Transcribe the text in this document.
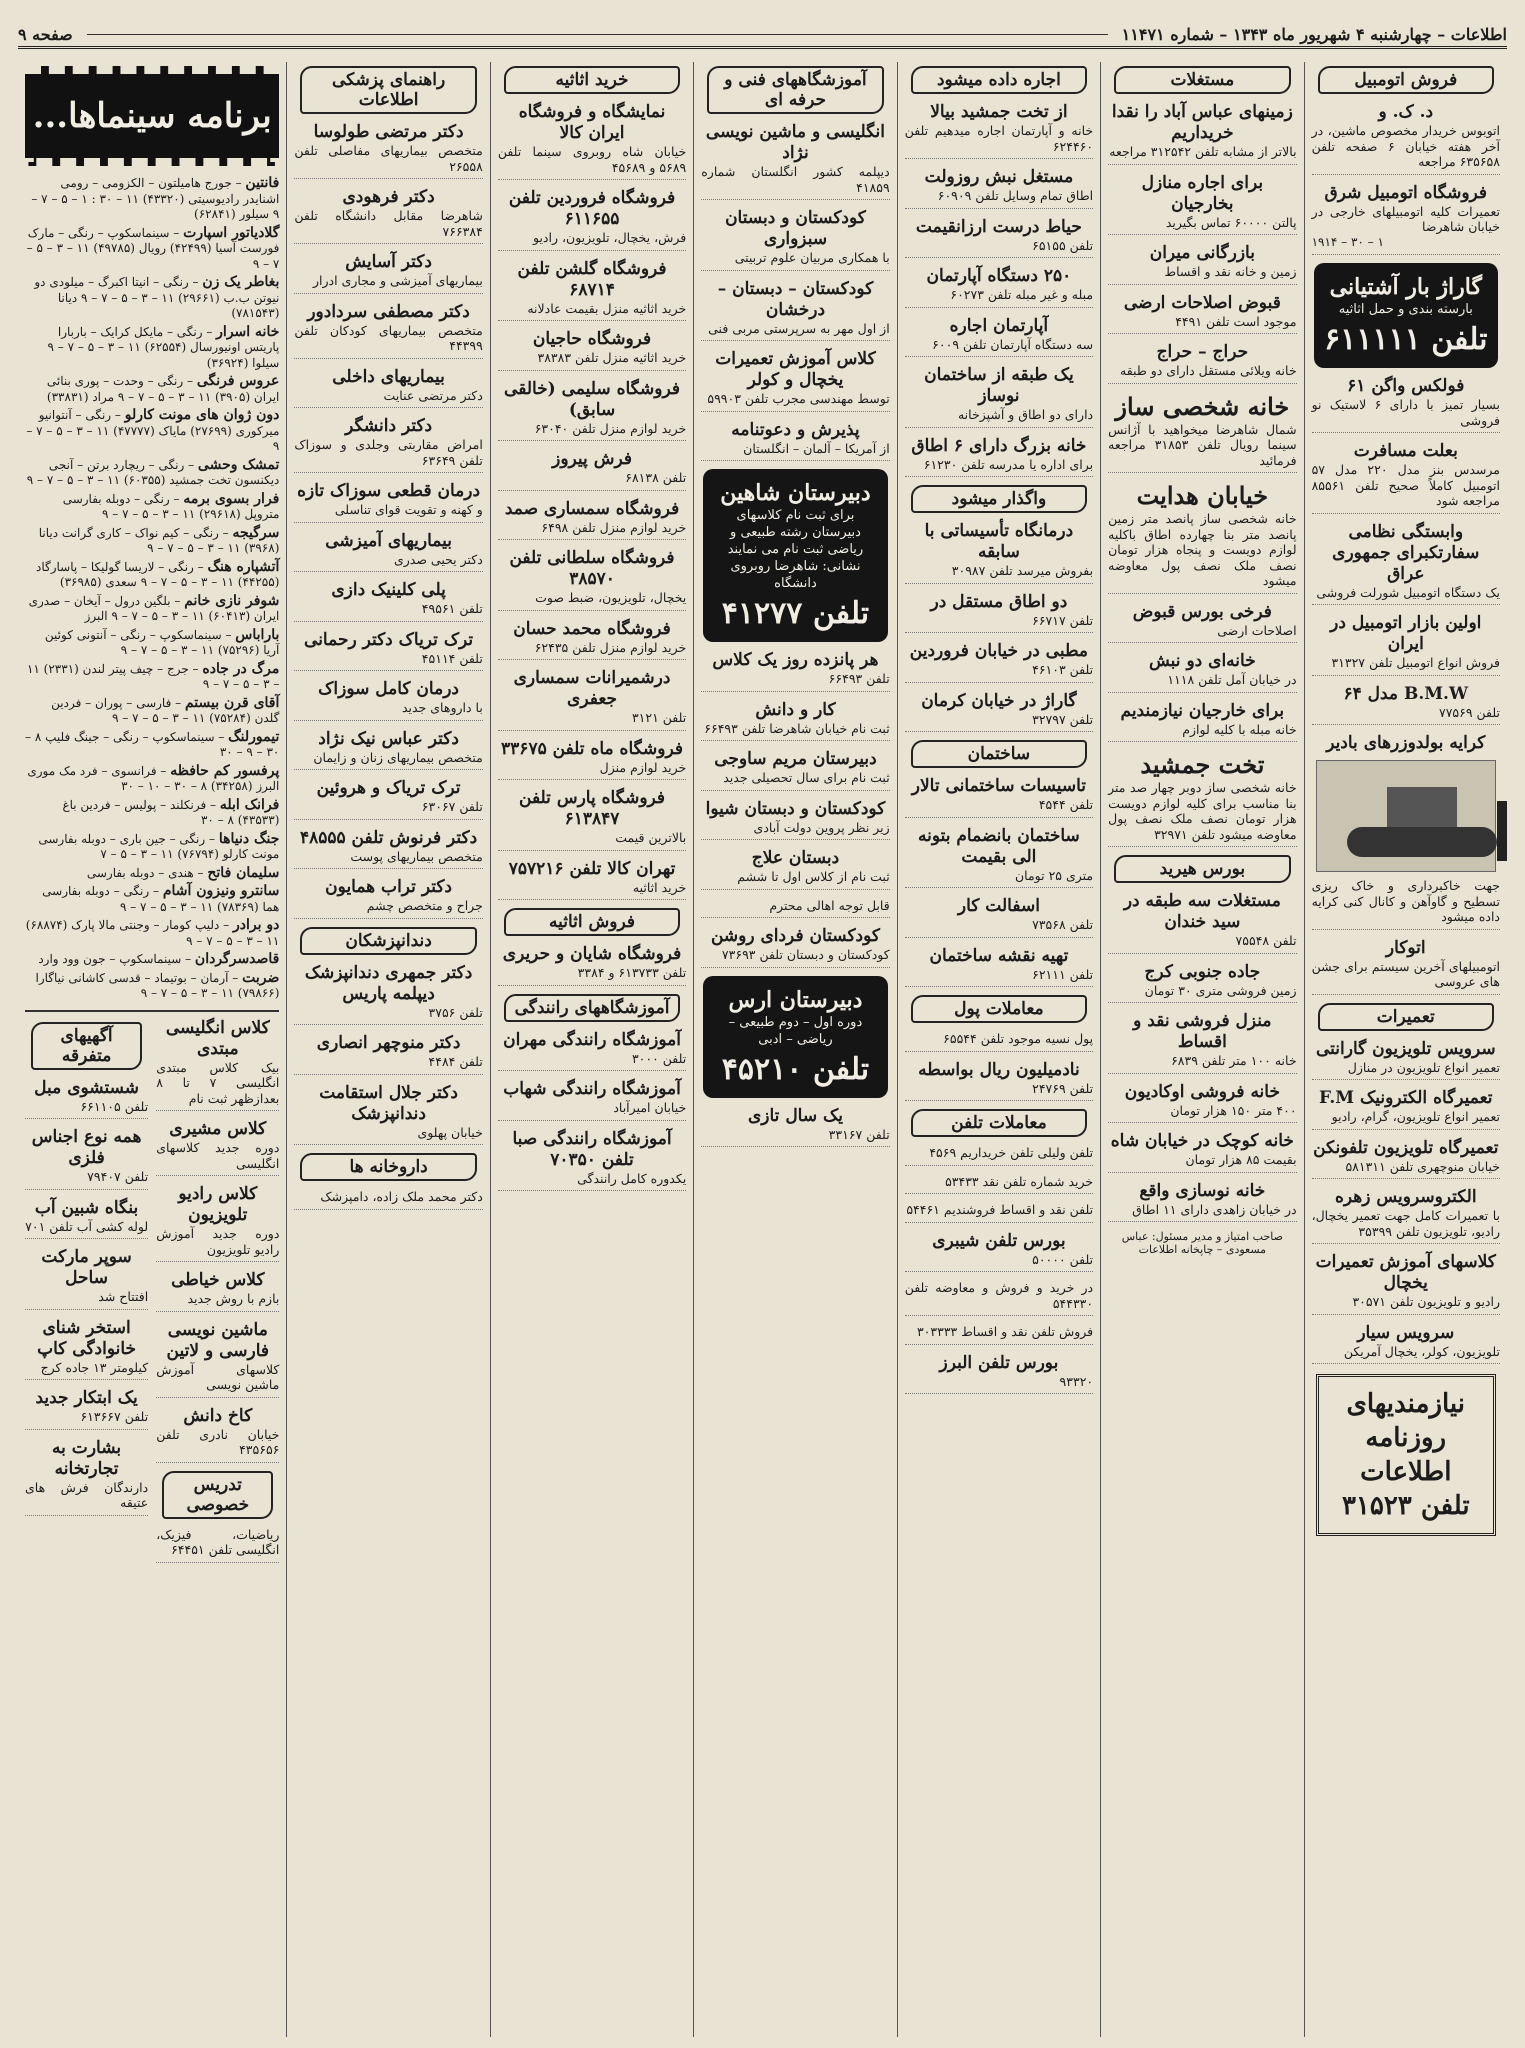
اطلاعات – چهارشنبه ۴ شهریور ماه ۱۳۴۳ – شماره ۱۱۴۷۱
صفحه ۹
فروش اتومبیل
د. ک. و
اتوبوس خریدار مخصوص ماشین، در آخر هفته خیابان ۶ صفحه تلفن ۶۳۵۶۵۸ مراجعه
فروشگاه اتومبیل شرق
تعمیرات کلیه اتومبیلهای خارجی در خیابان شاهرضا
۱۹۱۴ – ۳۰ – ۱
گاراژ بار آشتیانی
بارسته بندی و حمل اثاثیه
تلفن ۶۱۱۱۱۱
فولکس واگن ۶۱
بسیار تمیز با دارای ۶ لاستیک نو فروشی
بعلت مسافرت
مرسدس بنز مدل ۲۲۰ مدل ۵۷ اتومبیل کاملاً صحیح تلفن ۸۵۵۶۱ مراجعه شود
وابستگی نظامی سفارتکبرای جمهوری عراق
یک دستگاه اتومبیل شورلت فروشی
اولین بازار اتومبیل در ایران
فروش انواع اتومبیل تلفن ۳۱۳۲۷
B.M.W مدل ۶۴
تلفن ۷۷۵۶۹
کرایه بولدوزرهای بادیر
جهت خاکبرداری و خاک ریزی تسطیح و گاوآهن و کانال کنی کرایه داده میشود
اتوکار
اتومبیلهای آخرین سیستم برای جشن های عروسی
تعمیرات
سرویس تلویزیون گارانتی
تعمیر انواع تلویزیون در منازل
تعمیرگاه الکترونیک F.M
تعمیر انواع تلویزیون، گرام، رادیو
تعمیرگاه تلویزیون تلفونکن
خیابان منوچهری تلفن ۵۸۱۳۱۱
الکتروسرویس زهره
با تعمیرات کامل جهت تعمیر یخچال، رادیو، تلویزیون تلفن ۳۵۳۹۹
کلاسهای آموزش تعمیرات یخچال
رادیو و تلویزیون تلفن ۳۰۵۷۱
سرویس سیار
تلویزیون، کولر، یخچال آمریکن
نیازمندیهای
روزنامه اطلاعات
تلفن ۳۱۵۲۳
مستغلات
زمینهای عباس آباد را نقدا خریداریم
بالاتر از مشابه تلفن ۳۱۲۵۴۲ مراجعه
برای اجاره منازل بخارجیان
پالتن ۶۰۰۰۰ تماس بگیرید
بازرگانی میران
زمین و خانه نقد و اقساط
قبوض اصلاحات ارضی
موجود است تلفن ۴۴۹۱
حراج – حراج
خانه ویلائی مستقل دارای دو طبقه
خانه شخصی ساز
شمال شاهرضا میخواهید با آژانس سینما رویال تلفن ۳۱۸۵۳ مراجعه فرمائید
خیابان هدایت
خانه شخصی ساز پانصد متر زمین پانصد متر بنا چهارده اطاق باکلیه لوازم دویست و پنجاه هزار تومان نصف ملک نصف پول معاوضه میشود
فرخی بورس قبوض
اصلاحات ارضی
خانه‌ای دو نبش
در خیابان آمل تلفن ۱۱۱۸
برای خارجیان نیازمندیم
خانه مبله با کلیه لوازم
تخت جمشید
خانه شخصی ساز دوبر چهار صد متر بنا مناسب برای کلیه لوازم دویست هزار تومان نصف ملک نصف پول معاوضه میشود تلفن ۳۲۹۷۱
بورس هیرید
مستغلات سه طبقه در سید خندان
تلفن ۷۵۵۴۸
جاده جنوبی کرج
زمین فروشی متری ۳۰ تومان
منزل فروشی نقد و اقساط
خانه ۱۰۰ متر تلفن ۶۸۳۹
خانه فروشی اوکادیون
۴۰۰ متر ۱۵۰ هزار تومان
خانه کوچک در خیابان شاه
بقیمت ۸۵ هزار تومان
خانه نوسازی واقع
در خیابان زاهدی دارای ۱۱ اطاق
صاحب امتیاز و مدیر مسئول: عباس مسعودی – چاپخانه اطلاعات
اجاره داده میشود
از تخت جمشید بیالا
خانه و آپارتمان اجاره میدهیم تلفن ۶۲۴۴۶۰
مستغل نبش روزولت
اطاق تمام وسایل تلفن ۶۰۹۰۹
حیاط درست ارزانقیمت
تلفن ۶۵۱۵۵
۲۵۰ دستگاه آپارتمان
مبله و غیر مبله تلفن ۶۰۲۷۳
آپارتمان اجاره
سه دستگاه آپارتمان تلفن ۶۰۰۹
یک طبقه از ساختمان نوساز
دارای دو اطاق و آشپزخانه
خانه بزرگ دارای ۶ اطاق
برای اداره یا مدرسه تلفن ۶۱۲۳۰
واگذار میشود
درمانگاه تأسیساتی با سابقه
بفروش میرسد تلفن ۳۰۹۸۷
دو اطاق مستقل در
تلفن ۶۶۷۱۷
مطبی در خیابان فروردین
تلفن ۴۶۱۰۳
گاراژ در خیابان کرمان
تلفن ۳۲۷۹۷
ساختمان
تاسیسات ساختمانی تالار
تلفن ۴۵۴۴
ساختمان بانضمام بتونه الی بقیمت
متری ۲۵ تومان
اسفالت کار
تلفن ۷۳۵۶۸
تهیه نقشه ساختمان
تلفن ۶۲۱۱۱
معاملات پول
پول نسیه موجود تلفن ۶۵۵۴۴
نادمیلیون ریال بواسطه
تلفن ۲۴۷۶۹
معاملات تلفن
تلفن ولیلی تلفن خریداریم ۴۵۶۹
خرید شماره تلفن نقد ۵۳۴۳۳
تلفن نقد و اقساط فروشندیم ۵۴۴۶۱
بورس تلفن شیبری
تلفن ۵۰۰۰۰
در خرید و فروش و معاوضه تلفن ۵۴۴۳۳۰
فروش تلفن نقد و اقساط ۳۰۳۳۳۳
بورس تلفن البرز
۹۳۳۲۰
آموزشگاههای فنی و حرفه ای
انگلیسی و ماشین نویسی نژاد
دیپلمه کشور انگلستان شماره ۴۱۸۵۹
کودکستان و دبستان سبزواری
با همکاری مربیان علوم تربیتی
کودکستان – دبستان – درخشان
از اول مهر به سرپرستی مربی فنی
کلاس آموزش تعمیرات یخچال و کولر
توسط مهندسی مجرب تلفن ۵۹۹۰۳
پذیرش و دعوتنامه
از آمریکا – آلمان – انگلستان
دبیرستان شاهین
برای ثبت نام کلاسهای دبیرستان رشته طبیعی و ریاضی ثبت نام می نمایند
نشانی: شاهرضا روبروی دانشگاه
تلفن ۴۱۲۷۷
هر پانزده روز یک کلاس
تلفن ۶۶۴۹۳
کار و دانش
ثبت نام خیابان شاهرضا تلفن ۶۶۴۹۳
دبیرستان مریم ساوجی
ثبت نام برای سال تحصیلی جدید
کودکستان و دبستان شیوا
زیر نظر پروین دولت آبادی
دبستان علاج
ثبت نام از کلاس اول تا ششم
قابل توجه اهالی محترم
کودکستان فردای روشن
کودکستان و دبستان تلفن ۷۳۶۹۳
دبیرستان ارس
دوره اول – دوم طبیعی – ریاضی – ادبی
تلفن ۴۵۲۱۰
یک سال تازی
تلفن ۳۳۱۶۷
خرید اثاثیه
نمایشگاه و فروشگاه ایران کالا
خیابان شاه روبروی سینما تلفن ۵۶۸۹ و ۴۵۶۸۹
فروشگاه فروردین تلفن ۶۱۱۶۵۵
فرش، یخچال، تلویزیون، رادیو
فروشگاه گلشن تلفن ۶۸۷۱۴
خرید اثاثیه منزل بقیمت عادلانه
فروشگاه حاجیان
خرید اثاثیه منزل تلفن ۳۸۳۸۳
فروشگاه سلیمی (خالقی سابق)
خرید لوازم منزل تلفن ۶۳۰۴۰
فرش پیروز
تلفن ۶۸۱۳۸
فروشگاه سمساری صمد
خرید لوازم منزل تلفن ۶۴۹۸
فروشگاه سلطانی تلفن ۳۸۵۷۰
یخچال، تلویزیون، ضبط صوت
فروشگاه محمد حسان
خرید لوازم منزل تلفن ۶۲۴۳۵
درشمیرانات سمساری جعفری
تلفن ۳۱۲۱
فروشگاه ماه تلفن ۳۳۶۷۵
خرید لوازم منزل
فروشگاه پارس تلفن ۶۱۳۸۴۷
بالاترین قیمت
تهران کالا تلفن ۷۵۷۲۱۶
خرید اثاثیه
فروش اثاثیه
فروشگاه شایان و حریری
تلفن ۶۱۳۷۳۳ و ۳۳۸۴
آموزشگاههای رانندگی
آموزشگاه رانندگی مهران
تلفن ۳۰۰۰
آموزشگاه رانندگی شهاب
خیابان امیرآباد
آموزشگاه رانندگی صبا تلفن ۷۰۳۵۰
یکدوره کامل رانندگی
راهنمای پزشکی اطلاعات
دکتر مرتضی طولوسا
متخصص بیماریهای مفاصلی تلفن ۲۶۵۵۸
دکتر فرهودی
شاهرضا مقابل دانشگاه تلفن ۷۶۶۳۸۴
دکتر آسایش
بیماریهای آمیزشی و مجاری ادرار
دکتر مصطفی سردادور
متخصص بیماریهای کودکان تلفن ۴۴۳۹۹
بیماریهای داخلی
دکتر مرتضی عنایت
دکتر دانشگر
امراض مقاربتی وجلدی و سوزاک تلفن ۶۳۶۴۹
درمان قطعی سوزاک تازه
و کهنه و تقویت قوای تناسلی
بیماریهای آمیزشی
دکتر یحیی صدری
پلی کلینیک دازی
تلفن ۴۹۵۶۱
ترک تریاک دکتر رحمانی
تلفن ۴۵۱۱۴
درمان کامل سوزاک
با داروهای جدید
دکتر عباس نیک نژاد
متخصص بیماریهای زنان و زایمان
ترک تریاک و هروئین
تلفن ۶۳۰۶۷
دکتر فرنوش تلفن ۴۸۵۵۵
متخصص بیماریهای پوست
دکتر تراب همایون
جراح و متخصص چشم
دندانپزشکان
دکتر جمهری دندانپزشک دیپلمه پاریس
تلفن ۳۷۵۶
دکتر منوچهر انصاری
تلفن ۴۴۸۴
دکتر جلال استقامت دندانپزشک
خیابان پهلوی
داروخانه ها
دکتر محمد ملک زاده، دامپزشک
برنامه سینماها...
فانتین – جورج هامیلتون – الکزومی – رومی اشنایدر رادیوسیتی (۴۳۳۲۰) ۱۱ – ۳۰ : ۱ – ۵ – ۷ – ۹ سیلور (۶۲۸۴۱)
گلادیاتور اسپارت – سینماسکوپ – رنگی – مارک فورست آسیا (۴۲۴۹۹) رویال (۴۹۷۸۵) ۱۱ – ۳ – ۵ – ۷ – ۹
بغاطر یک زن – رنگی – انیتا اکبرگ – میلودی دو نیوتن ب.ب (۲۹۶۶۱) ۱۱ – ۳ – ۵ – ۷ – ۹ دیانا (۷۸۱۵۴۳)
خانه اسرار – رنگی – مایکل کرایک – باربارا پاریتس اونیورسال (۶۲۵۵۴) ۱۱ – ۳ – ۵ – ۷ – ۹ سیلوا (۳۶۹۲۴)
عروس فرنگی – رنگی – وحدت – پوری بنائی ایران (۳۹۰۵) ۱۱ – ۳ – ۵ – ۷ – ۹ مراد (۳۳۸۳۱)
دون ژوان های مونت کارلو – رنگی – آنتوانیو میرکوری (۲۷۶۹۹) مایاک (۴۷۷۷۷) ۱۱ – ۳ – ۵ – ۷ – ۹
تمشک وحشی – رنگی – ریچارد برتن – آنجی دیکنسون تخت جمشید (۶۰۳۵۵) ۱۱ – ۳ – ۵ – ۷ – ۹
فرار بسوی برمه – رنگی – دوبله بفارسی متروپل (۲۹۶۱۸) ۱۱ – ۳ – ۵ – ۷ – ۹
سرگیجه – رنگی – کیم نواک – کاری گرانت دیانا (۳۹۶۸) ۱۱ – ۳ – ۵ – ۷ – ۹
آتشپاره هنگ – رنگی – لاریسا گولیکا – پاسارگاد (۴۴۲۵۵) ۱۱ – ۳ – ۵ – ۷ – ۹ سعدی (۳۶۹۸۵)
شوفر نازی خانم – بلگین درول – آیخان – صدری ایران (۶۰۴۱۳) ۱۱ – ۳ – ۵ – ۷ – ۹ البرز
باراباس – سینماسکوپ – رنگی – آنتونی کوئین آریا (۷۵۲۹۶) ۱۱ – ۳ – ۵ – ۷ – ۹
مرگ در جاده – جرج – چیف پیتر لندن (۲۳۳۱) ۱۱ – ۳ – ۵ – ۷ – ۹
آقای قرن بیستم – فارسی – پوران – فردین گلدن (۷۵۲۸۴) ۱۱ – ۳ – ۵ – ۷ – ۹
تیمورلنگ – سینماسکوپ – رنگی – جینگ فلیپ ۸ – ۳۰ – ۹ – ۳۰
پرفسور کم حافظه – فرانسوی – فرد مک موری البرز (۳۴۲۵۸) ۸ – ۳۰ – ۱۰ – ۳۰
فرانک ابله – فرنکلند – پولیس – فردین باغ (۴۳۵۳۳) ۸ – ۳۰
جنگ دنیاها – رنگی – جین باری – دوبله بفارسی مونت کارلو (۷۶۷۹۴) ۱۱ – ۳ – ۵ – ۷
سلیمان فاتح – هندی – دوبله بفارسی
سانترو ونیزون آشام – رنگی – دوبله بفارسی هما (۷۸۳۶۹) ۱۱ – ۳ – ۵ – ۷ – ۹
دو برادر – دلیپ کومار – وجنتی مالا پارک (۶۸۸۷۴) ۱۱ – ۳ – ۵ – ۷ – ۹
قاصدسرگردان – سینماسکوپ – جون وود وارد
ضربت – آرمان – بوتیماد – قدسی کاشانی نیاگارا (۷۹۸۶۶) ۱۱ – ۳ – ۵ – ۷ – ۹
آگهیهای متفرقه
شستشوی مبل
تلفن ۶۶۱۱۰۵
همه نوع اجناس فلزی
تلفن ۷۹۴۰۷
بنگاه شبین آب
لوله کشی آب تلفن ۷۰۱
سوپر مارکت ساحل
افتتاح شد
استخر شنای خانوادگی کاپ
کیلومتر ۱۳ جاده کرج
یک ابتکار جدید
تلفن ۶۱۳۶۶۷
بشارت به تجارتخانه
دارندگان فرش های عتیقه
کلاس انگلیسی مبتدی
بیک کلاس مبتدی انگلیسی ۷ تا ۸ بعدازظهر ثبت نام
کلاس مشیری
دوره جدید کلاسهای انگلیسی
کلاس رادیو تلویزیون
دوره جدید آموزش رادیو تلویزیون
کلاس خیاطی
بازم با روش جدید
ماشین نویسی فارسی و لاتین
کلاسهای آموزش ماشین نویسی
کاخ دانش
خیابان نادری تلفن ۴۳۵۶۵۶
تدریس خصوصی
ریاضیات، فیزیک، انگلیسی تلفن ۶۴۴۵۱
